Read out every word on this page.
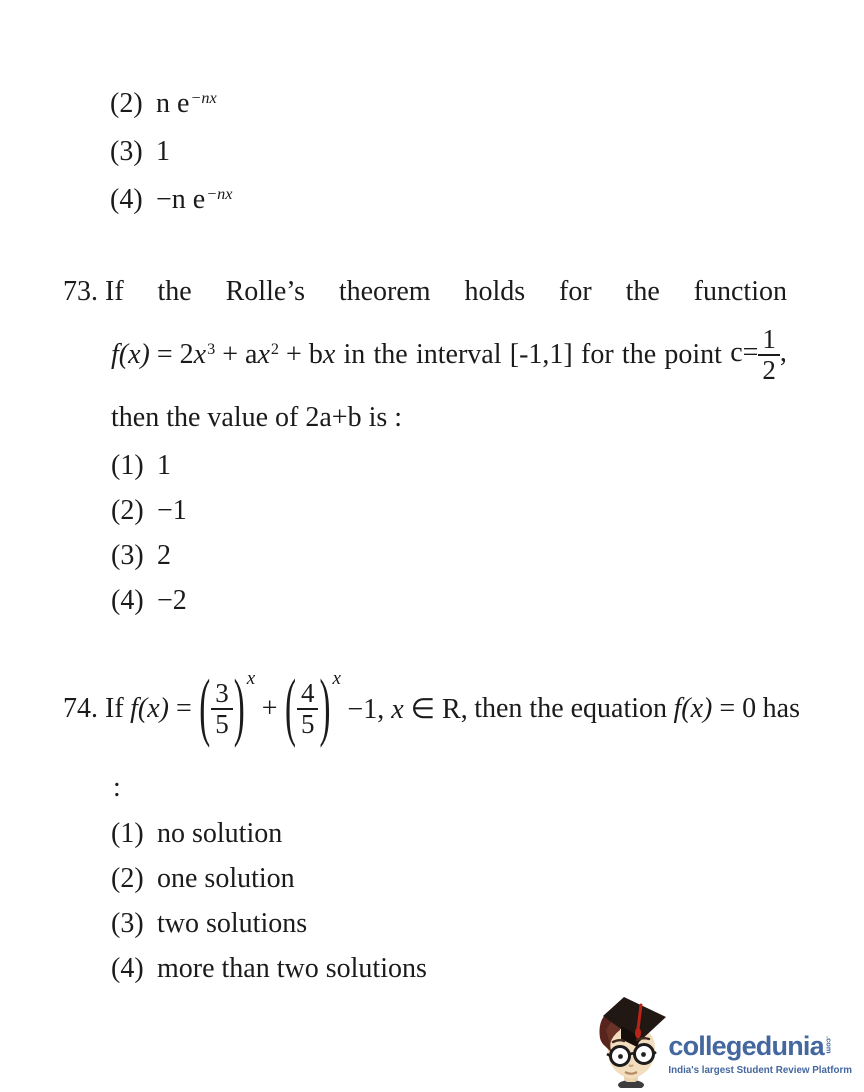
(2) n $e^{-nx}$
(3) 1
(4) −n $e^{-nx}$
73. If the Rolle’s theorem holds for the function
$f(x) = 2x^3 + ax^2$ + bx in the interval [-1,1] for the point $c= \frac{1}{2}$ ,
then the value of 2a+b is :
(1) 1
(2) −1
(3) 2
(4) −2
74. If f(x) = ( $\frac{3}{5}$ ) x
+ ( $\frac{4}{5}$ ) x
−1, x ∈ R, then the equation f(x) = 0 has
:
(1) no solution
(2) one solution
(3) two solutions
(4) more than two solutions
collegedunia .com
India's largest Student Review Platform
